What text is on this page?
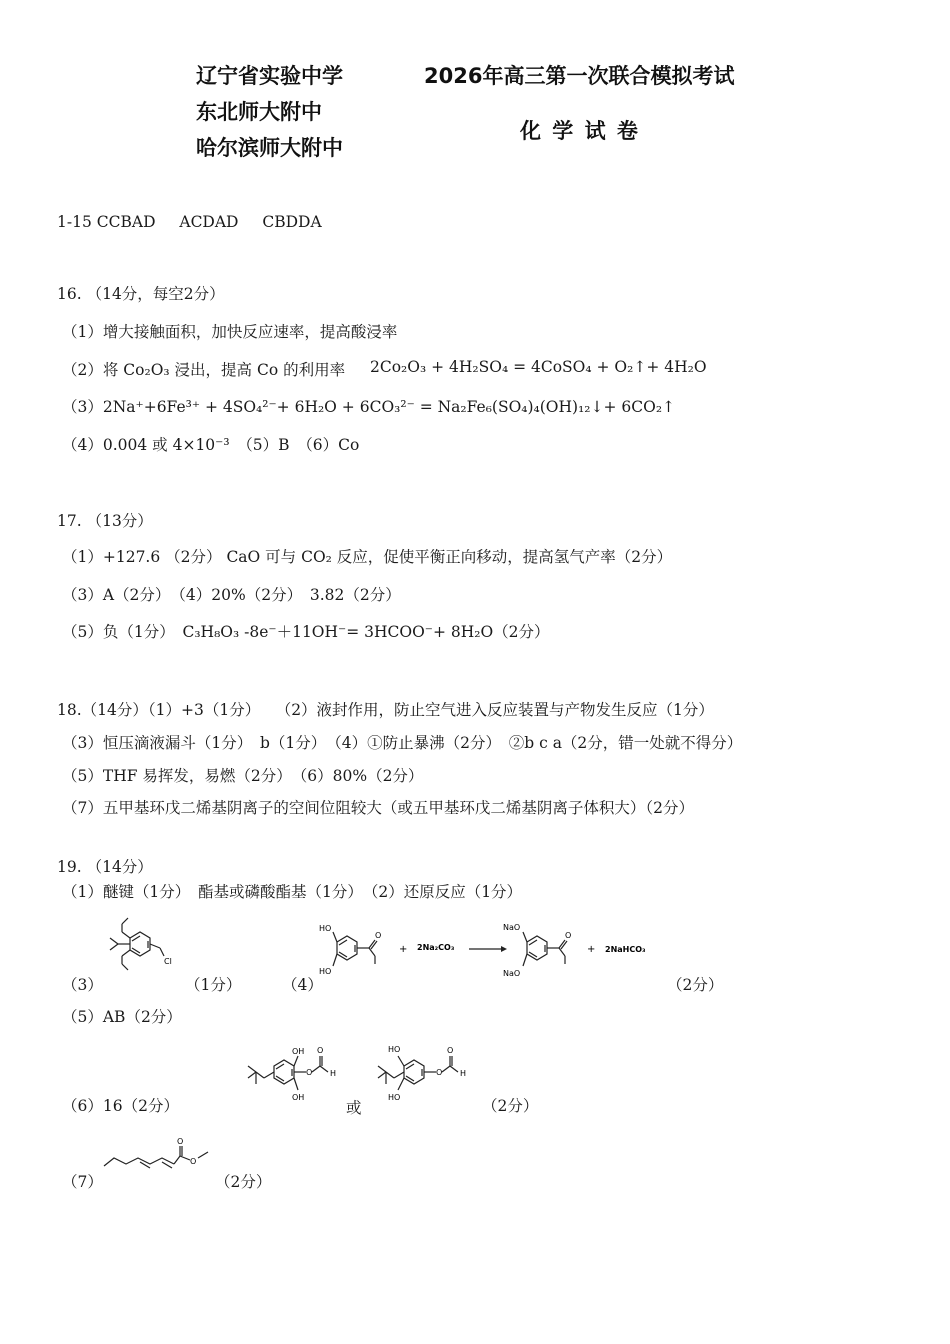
辽宁省实验中学
东北师大附中
哈尔滨师大附中
2026年高三第一次联合模拟考试
化 学 试 卷
1-15 CCBAD ACDAD CBDDA
16. （14分，每空2分）
（1）增大接触面积，加快反应速率，提高酸浸率
（2）将 Co₂O₃ 浸出，提高 Co 的利用率 2Co₂O₃ + 4H₂SO₄ = 4CoSO₄ + O₂↑+ 4H₂O
（3）2Na⁺+6Fe³⁺ + 4SO₄²⁻+ 6H₂O + 6CO₃²⁻ = Na₂Fe₆(SO₄)₄(OH)₁₂↓+ 6CO₂↑
（4）0.004 或 4×10⁻³　（5）B　（6）Co
17. （13分）
（1）+127.6 （2分） CaO 可与 CO₂ 反应，促使平衡正向移动，提高氢气产率（2分）
（3）A（2分）　（4）20%（2分）　3.82（2分）
（5）负（1分）　C₃H₈O₃ -8e⁻＋11OH⁻= 3HCOO⁻+ 8H₂O（2分）
18.（14分）（1）+3（1分）　　（2）液封作用，防止空气进入反应装置与产物发生反应（1分）
（3）恒压滴液漏斗（1分）　b（1分）　（4）①防止暴沸（2分）　②b c a（2分，错一处就不得分）
（5）THF 易挥发，易燃（2分）　（6）80%（2分）
（7）五甲基环戊二烯基阴离子的空间位阻较大（或五甲基环戊二烯基阴离子体积大）（2分）
19. （14分）
（1）醚键（1分）　酯基或磷酸酯基（1分）　（2）还原反应（1分）
Cl
（3）	（1分）	（4）
HO
HO
O
+ 2Na₂CO₃
NaO
NaO
O
+ 2NaHCO₃
（2分）
（5）AB（2分）
（6）16（2分）
OH
OH
O
O
H
或
HO
HO
O
O
H
（2分）
（7）
O
O
（2分）
